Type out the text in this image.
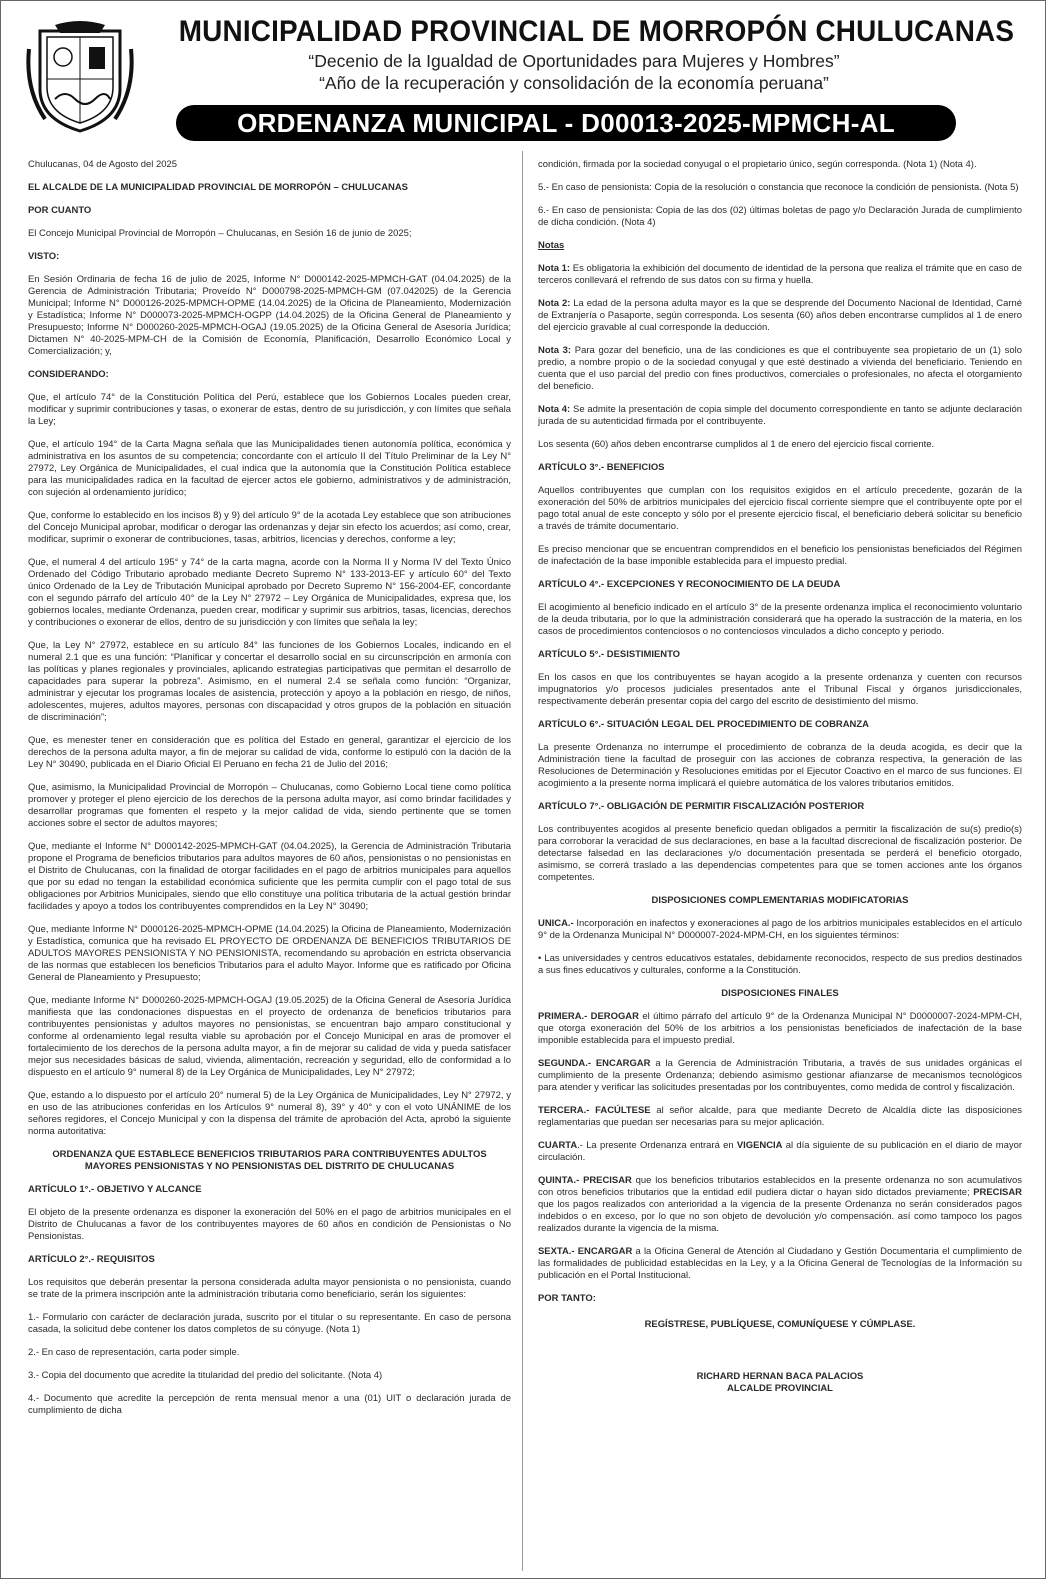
MUNICIPALIDAD PROVINCIAL DE MORROPÓN CHULUCANAS
“Decenio de la Igualdad de Oportunidades para Mujeres y Hombres”
“Año de la recuperación y consolidación de la economía peruana”
ORDENANZA MUNICIPAL - D00013-2025-MPMCH-AL

Chulucanas, 04 de Agosto del 2025

EL ALCALDE DE LA MUNICIPALIDAD PROVINCIAL DE MORROPÓN – CHULUCANAS

POR CUANTO

El Concejo Municipal Provincial de Morropón – Chulucanas, en Sesión 16 de junio de 2025;

VISTO:

En Sesión Ordinaria de fecha 16 de julio de 2025, Informe N° D000142-2025-MPMCH-GAT (04.04.2025) de la Gerencia de Administración Tributaria; Proveído N° D000798-2025-MPMCH-GM (07.042025) de la Gerencia Municipal; Informe N° D000126-2025-MPMCH-OPME (14.04.2025) de la Oficina de Planeamiento, Modernización y Estadística; Informe N° D000073-2025-MPMCH-OGPP (14.04.2025) de la Oficina General de Planeamiento y Presupuesto; Informe N° D000260-2025-MPMCH-OGAJ (19.05.2025) de la Oficina General de Asesoría Jurídica; Dictamen N° 40-2025-MPM-CH de la Comisión de Economía, Planificación, Desarrollo Económico Local y Comercialización; y,

CONSIDERANDO:

Que, el artículo 74° de la Constitución Política del Perú, establece que los Gobiernos Locales pueden crear, modificar y suprimir contribuciones y tasas, o exonerar de estas, dentro de su jurisdicción, y con límites que señala la Ley;

Que, el artículo 194° de la Carta Magna señala que las Municipalidades tienen autonomía política, económica y administrativa en los asuntos de su competencia; concordante con el artículo II del Título Preliminar de la Ley N° 27972, Ley Orgánica de Municipalidades, el cual indica que la autonomía que la Constitución Política establece para las municipalidades radica en la facultad de ejercer actos ele gobierno, administrativos y de administración, con sujeción al ordenamiento jurídico;

Que, conforme lo establecido en los incisos 8) y 9) del artículo 9° de la acotada Ley establece que son atribuciones del Concejo Municipal aprobar, modificar o derogar las ordenanzas y dejar sin efecto los acuerdos; así como, crear, modificar, suprimir o exonerar de contribuciones, tasas, arbitrios, licencias y derechos, conforme a ley;

Que, el numeral 4 del artículo 195° y 74° de la carta magna, acorde con la Norma II y Norma IV del Texto Único Ordenado del Código Tributario aprobado mediante Decreto Supremo N° 133-2013-EF y artículo 60° del Texto único Ordenado de la Ley de Tributación Municipal aprobado por Decreto Supremo N° 156-2004-EF, concordante con el segundo párrafo del artículo 40° de la Ley N° 27972 – Ley Orgánica de Municipalidades, expresa que, los gobiernos locales, mediante Ordenanza, pueden crear, modificar y suprimir sus arbitrios, tasas, licencias, derechos y contribuciones o exonerar de ellos, dentro de su jurisdicción y con límites que señala la ley;

Que, la Ley N° 27972, establece en su artículo 84° las funciones de los Gobiernos Locales, indicando en el numeral 2.1 que es una función: “Planificar y concertar el desarrollo social en su circunscripción en armonía con las políticas y planes regionales y provinciales, aplicando estrategias participativas que permitan el desarrollo de capacidades para superar la pobreza”. Asimismo, en el numeral 2.4 se señala como función: “Organizar, administrar y ejecutar los programas locales de asistencia, protección y apoyo a la población en riesgo, de niños, adolescentes, mujeres, adultos mayores, personas con discapacidad y otros grupos de la población en situación de discriminación”;

Que, es menester tener en consideración que es política del Estado en general, garantizar el ejercicio de los derechos de la persona adulta mayor, a fin de mejorar su calidad de vida, conforme lo estipuló con la dación de la Ley N° 30490, publicada en el Diario Oficial El Peruano en fecha 21 de Julio del 2016;

Que, asimismo, la Municipalidad Provincial de Morropón – Chulucanas, como Gobierno Local tiene como política promover y proteger el pleno ejercicio de los derechos de la persona adulta mayor, así como brindar facilidades y desarrollar programas que fomenten el respeto y la mejor calidad de vida, siendo pertinente que se tomen acciones sobre el sector de adultos mayores;

Que, mediante el Informe N° D000142-2025-MPMCH-GAT (04.04.2025), la Gerencia de Administración Tributaria propone el Programa de beneficios tributarios para adultos mayores de 60 años, pensionistas o no pensionistas en el Distrito de Chulucanas, con la finalidad de otorgar facilidades en el pago de arbitrios municipales para aquellos que por su edad no tengan la estabilidad económica suficiente que les permita cumplir con el pago total de sus obligaciones por Arbitrios Municipales, siendo que ello constituye una política tributaria de la actual gestión brindar facilidades y apoyo a todos los contribuyentes comprendidos en la Ley N° 30490;

Que, mediante Informe N° D000126-2025-MPMCH-OPME (14.04.2025) la Oficina de Planeamiento, Modernización y Estadística, comunica que ha revisado EL PROYECTO DE ORDENANZA DE BENEFICIOS TRIBUTARIOS DE ADULTOS MAYORES PENSIONISTA Y NO PENSIONISTA, recomendando su aprobación en estricta observancia de las normas que establecen los beneficios Tributarios para el adulto Mayor. Informe que es ratificado por Oficina General de Planeamiento y Presupuesto;

Que, mediante Informe N° D000260-2025-MPMCH-OGAJ (19.05.2025) de la Oficina General de Asesoría Jurídica manifiesta que las condonaciones dispuestas en el proyecto de ordenanza de beneficios tributarios para contribuyentes pensionistas y adultos mayores no pensionistas, se encuentran bajo amparo constitucional y conforme al ordenamiento legal resulta viable su aprobación por el Concejo Municipal en aras de promover el fortalecimiento de los derechos de la persona adulta mayor, a fin de mejorar su calidad de vida y pueda satisfacer mejor sus necesidades básicas de salud, vivienda, alimentación, recreación y seguridad, ello de conformidad a lo dispuesto en el artículo 9° numeral 8) de la Ley Orgánica de Municipalidades, Ley N° 27972;

Que, estando a lo dispuesto por el artículo 20° numeral 5) de la Ley Orgánica de Municipalidades, Ley N° 27972, y en uso de las atribuciones conferidas en los Artículos 9° numeral 8), 39° y 40° y con el voto UNÁNIME de los señores regidores, el Concejo Municipal y con la dispensa del trámite de aprobación del Acta, aprobó la siguiente norma autoritativa:

ORDENANZA QUE ESTABLECE BENEFICIOS TRIBUTARIOS PARA CONTRIBUYENTES ADULTOS MAYORES PENSIONISTAS Y NO PENSIONISTAS DEL DISTRITO DE CHULUCANAS

ARTÍCULO 1°.- OBJETIVO Y ALCANCE

El objeto de la presente ordenanza es disponer la exoneración del 50% en el pago de arbitrios municipales en el Distrito de Chulucanas a favor de los contribuyentes mayores de 60 años en condición de Pensionistas o No Pensionistas.

ARTÍCULO 2°.- REQUISITOS

Los requisitos que deberán presentar la persona considerada adulta mayor pensionista o no pensionista, cuando se trate de la primera inscripción ante la administración tributaria como beneficiario, serán los siguientes:

1.- Formulario con carácter de declaración jurada, suscrito por el titular o su representante. En caso de persona casada, la solicitud debe contener los datos completos de su cónyuge. (Nota 1)

2.- En caso de representación, carta poder simple.

3.- Copia del documento que acredite la titularidad del predio del solicitante. (Nota 4)

4.- Documento que acredite la percepción de renta mensual menor a una (01) UIT o declaración jurada de cumplimiento de dicha

condición, firmada por la sociedad conyugal o el propietario único, según corresponda. (Nota 1) (Nota 4).

5.- En caso de pensionista: Copia de la resolución o constancia que reconoce la condición de pensionista. (Nota 5)

6.- En caso de pensionista: Copia de las dos (02) últimas boletas de pago y/o Declaración Jurada de cumplimiento de dicha condición. (Nota 4)

Notas

Nota 1: Es obligatoria la exhibición del documento de identidad de la persona que realiza el trámite que en caso de terceros conllevará el refrendo de sus datos con su firma y huella.

Nota 2: La edad de la persona adulta mayor es la que se desprende del Documento Nacional de Identidad, Carné de Extranjería o Pasaporte, según corresponda. Los sesenta (60) años deben encontrarse cumplidos al 1 de enero del ejercicio gravable al cual corresponde la deducción.

Nota 3: Para gozar del beneficio, una de las condiciones es que el contribuyente sea propietario de un (1) solo predio, a nombre propio o de la sociedad conyugal y que esté destinado a vivienda del beneficiario. Teniendo en cuenta que el uso parcial del predio con fines productivos, comerciales o profesionales, no afecta el otorgamiento del beneficio.

Nota 4: Se admite la presentación de copia simple del documento correspondiente en tanto se adjunte declaración jurada de su autenticidad firmada por el contribuyente.

Los sesenta (60) años deben encontrarse cumplidos al 1 de enero del ejercicio fiscal corriente.

ARTÍCULO 3°.- BENEFICIOS

Aquellos contribuyentes que cumplan con los requisitos exigidos en el artículo precedente, gozarán de la exoneración del 50% de arbitrios municipales del ejercicio fiscal corriente siempre que el contribuyente opte por el pago total anual de este concepto y sólo por el presente ejercicio fiscal, el beneficiario deberá solicitar su beneficio a través de trámite documentario.

Es preciso mencionar que se encuentran comprendidos en el beneficio los pensionistas beneficiados del Régimen de inafectación de la base imponible establecida para el impuesto predial.

ARTÍCULO 4°.- EXCEPCIONES Y RECONOCIMIENTO DE LA DEUDA

El acogimiento al beneficio indicado en el artículo 3° de la presente ordenanza implica el reconocimiento voluntario de la deuda tributaria, por lo que la administración considerará que ha operado la sustracción de la materia, en los casos de procedimientos contenciosos o no contenciosos vinculados a dicho concepto y periodo.

ARTÍCULO 5°.- DESISTIMIENTO

En los casos en que los contribuyentes se hayan acogido a la presente ordenanza y cuenten con recursos impugnatorios y/o procesos judiciales presentados ante el Tribunal Fiscal y órganos jurisdiccionales, respectivamente deberán presentar copia del cargo del escrito de desistimiento del mismo.

ARTÍCULO 6°.- SITUACIÓN LEGAL DEL PROCEDIMIENTO DE COBRANZA

La presente Ordenanza no interrumpe el procedimiento de cobranza de la deuda acogida, es decir que la Administración tiene la facultad de proseguir con las acciones de cobranza respectiva, la generación de las Resoluciones de Determinación y Resoluciones emitidas por el Ejecutor Coactivo en el marco de sus funciones. El acogimiento a la presente norma implicará el quiebre automática de los valores tributarios emitidos.

ARTÍCULO 7°.- OBLIGACIÓN DE PERMITIR FISCALIZACIÓN POSTERIOR

Los contribuyentes acogidos al presente beneficio quedan obligados a permitir la fiscalización de su(s) predio(s) para corroborar la veracidad de sus declaraciones, en base a la facultad discrecional de fiscalización posterior. De detectarse falsedad en las declaraciones y/o documentación presentada se perderá el beneficio otorgado, asimismo, se correrá traslado a las dependencias competentes para que se tomen acciones ante los órganos competentes.

DISPOSICIONES COMPLEMENTARIAS MODIFICATORIAS

UNICA.- Incorporación en inafectos y exoneraciones al pago de los arbitrios municipales establecidos en el artículo 9° de la Ordenanza Municipal N° D000007-2024-MPM-CH, en los siguientes términos:

• Las universidades y centros educativos estatales, debidamente reconocidos, respecto de sus predios destinados a sus fines educativos y culturales, conforme a la Constitución.

DISPOSICIONES FINALES

PRIMERA.- DEROGAR el último párrafo del artículo 9° de la Ordenanza Municipal N° D0000007-2024-MPM-CH, que otorga exoneración del 50% de los arbitrios a los pensionistas beneficiados de inafectación de la base imponible establecida para el impuesto predial.

SEGUNDA.- ENCARGAR a la Gerencia de Administración Tributaria, a través de sus unidades orgánicas el cumplimiento de la presente Ordenanza; debiendo asimismo gestionar afianzarse de mecanismos tecnológicos para atender y verificar las solicitudes presentadas por los contribuyentes, como medida de control y fiscalización.

TERCERA.- FACÚLTESE al señor alcalde, para que mediante Decreto de Alcaldía dicte las disposiciones reglamentarias que puedan ser necesarias para su mejor aplicación.

CUARTA.- La presente Ordenanza entrará en VIGENCIA al día siguiente de su publicación en el diario de mayor circulación.

QUINTA.- PRECISAR que los beneficios tributarios establecidos en la presente ordenanza no son acumulativos con otros beneficios tributarios que la entidad edil pudiera dictar o hayan sido dictados previamente; PRECISAR que los pagos realizados con anterioridad a la vigencia de la presente Ordenanza no serán considerados pagos indebidos o en exceso, por lo que no son objeto de devolución y/o compensación. así como tampoco los pagos realizados durante la vigencia de la misma.

SEXTA.- ENCARGAR a la Oficina General de Atención al Ciudadano y Gestión Documentaria el cumplimiento de las formalidades de publicidad establecidas en la Ley, y a la Oficina General de Tecnologías de la Información su publicación en el Portal Institucional.

POR TANTO:

REGÍSTRESE, PUBLÍQUESE, COMUNÍQUESE Y CÚMPLASE.

RICHARD HERNAN BACA PALACIOS

ALCALDE PROVINCIAL
